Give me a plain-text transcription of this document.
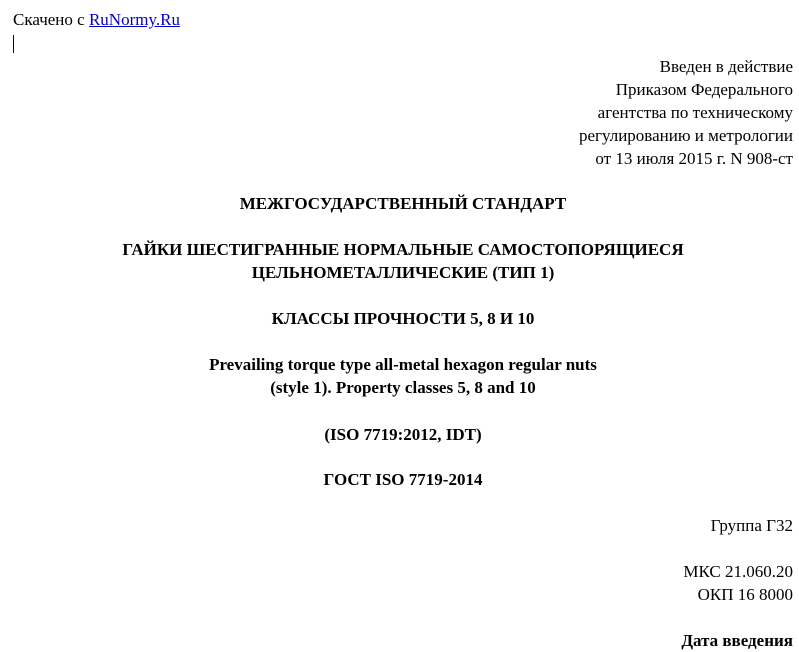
Скачено с RuNormy.Ru
Введен в действие
Приказом Федерального
агентства по техническому
регулированию и метрологии
от 13 июля 2015 г. N 908-ст
МЕЖГОСУДАРСТВЕННЫЙ СТАНДАРТ
ГАЙКИ ШЕСТИГРАННЫЕ НОРМАЛЬНЫЕ САМОСТОПОРЯЩИЕСЯ
ЦЕЛЬНОМЕТАЛЛИЧЕСКИЕ (ТИП 1)
КЛАССЫ ПРОЧНОСТИ 5, 8 И 10
Prevailing torque type all-metal hexagon regular nuts
(style 1). Property classes 5, 8 and 10
(ISO 7719:2012, IDT)
ГОСТ ISO 7719-2014
Группа Г32
МКС 21.060.20
ОКП 16 8000
Дата введения
